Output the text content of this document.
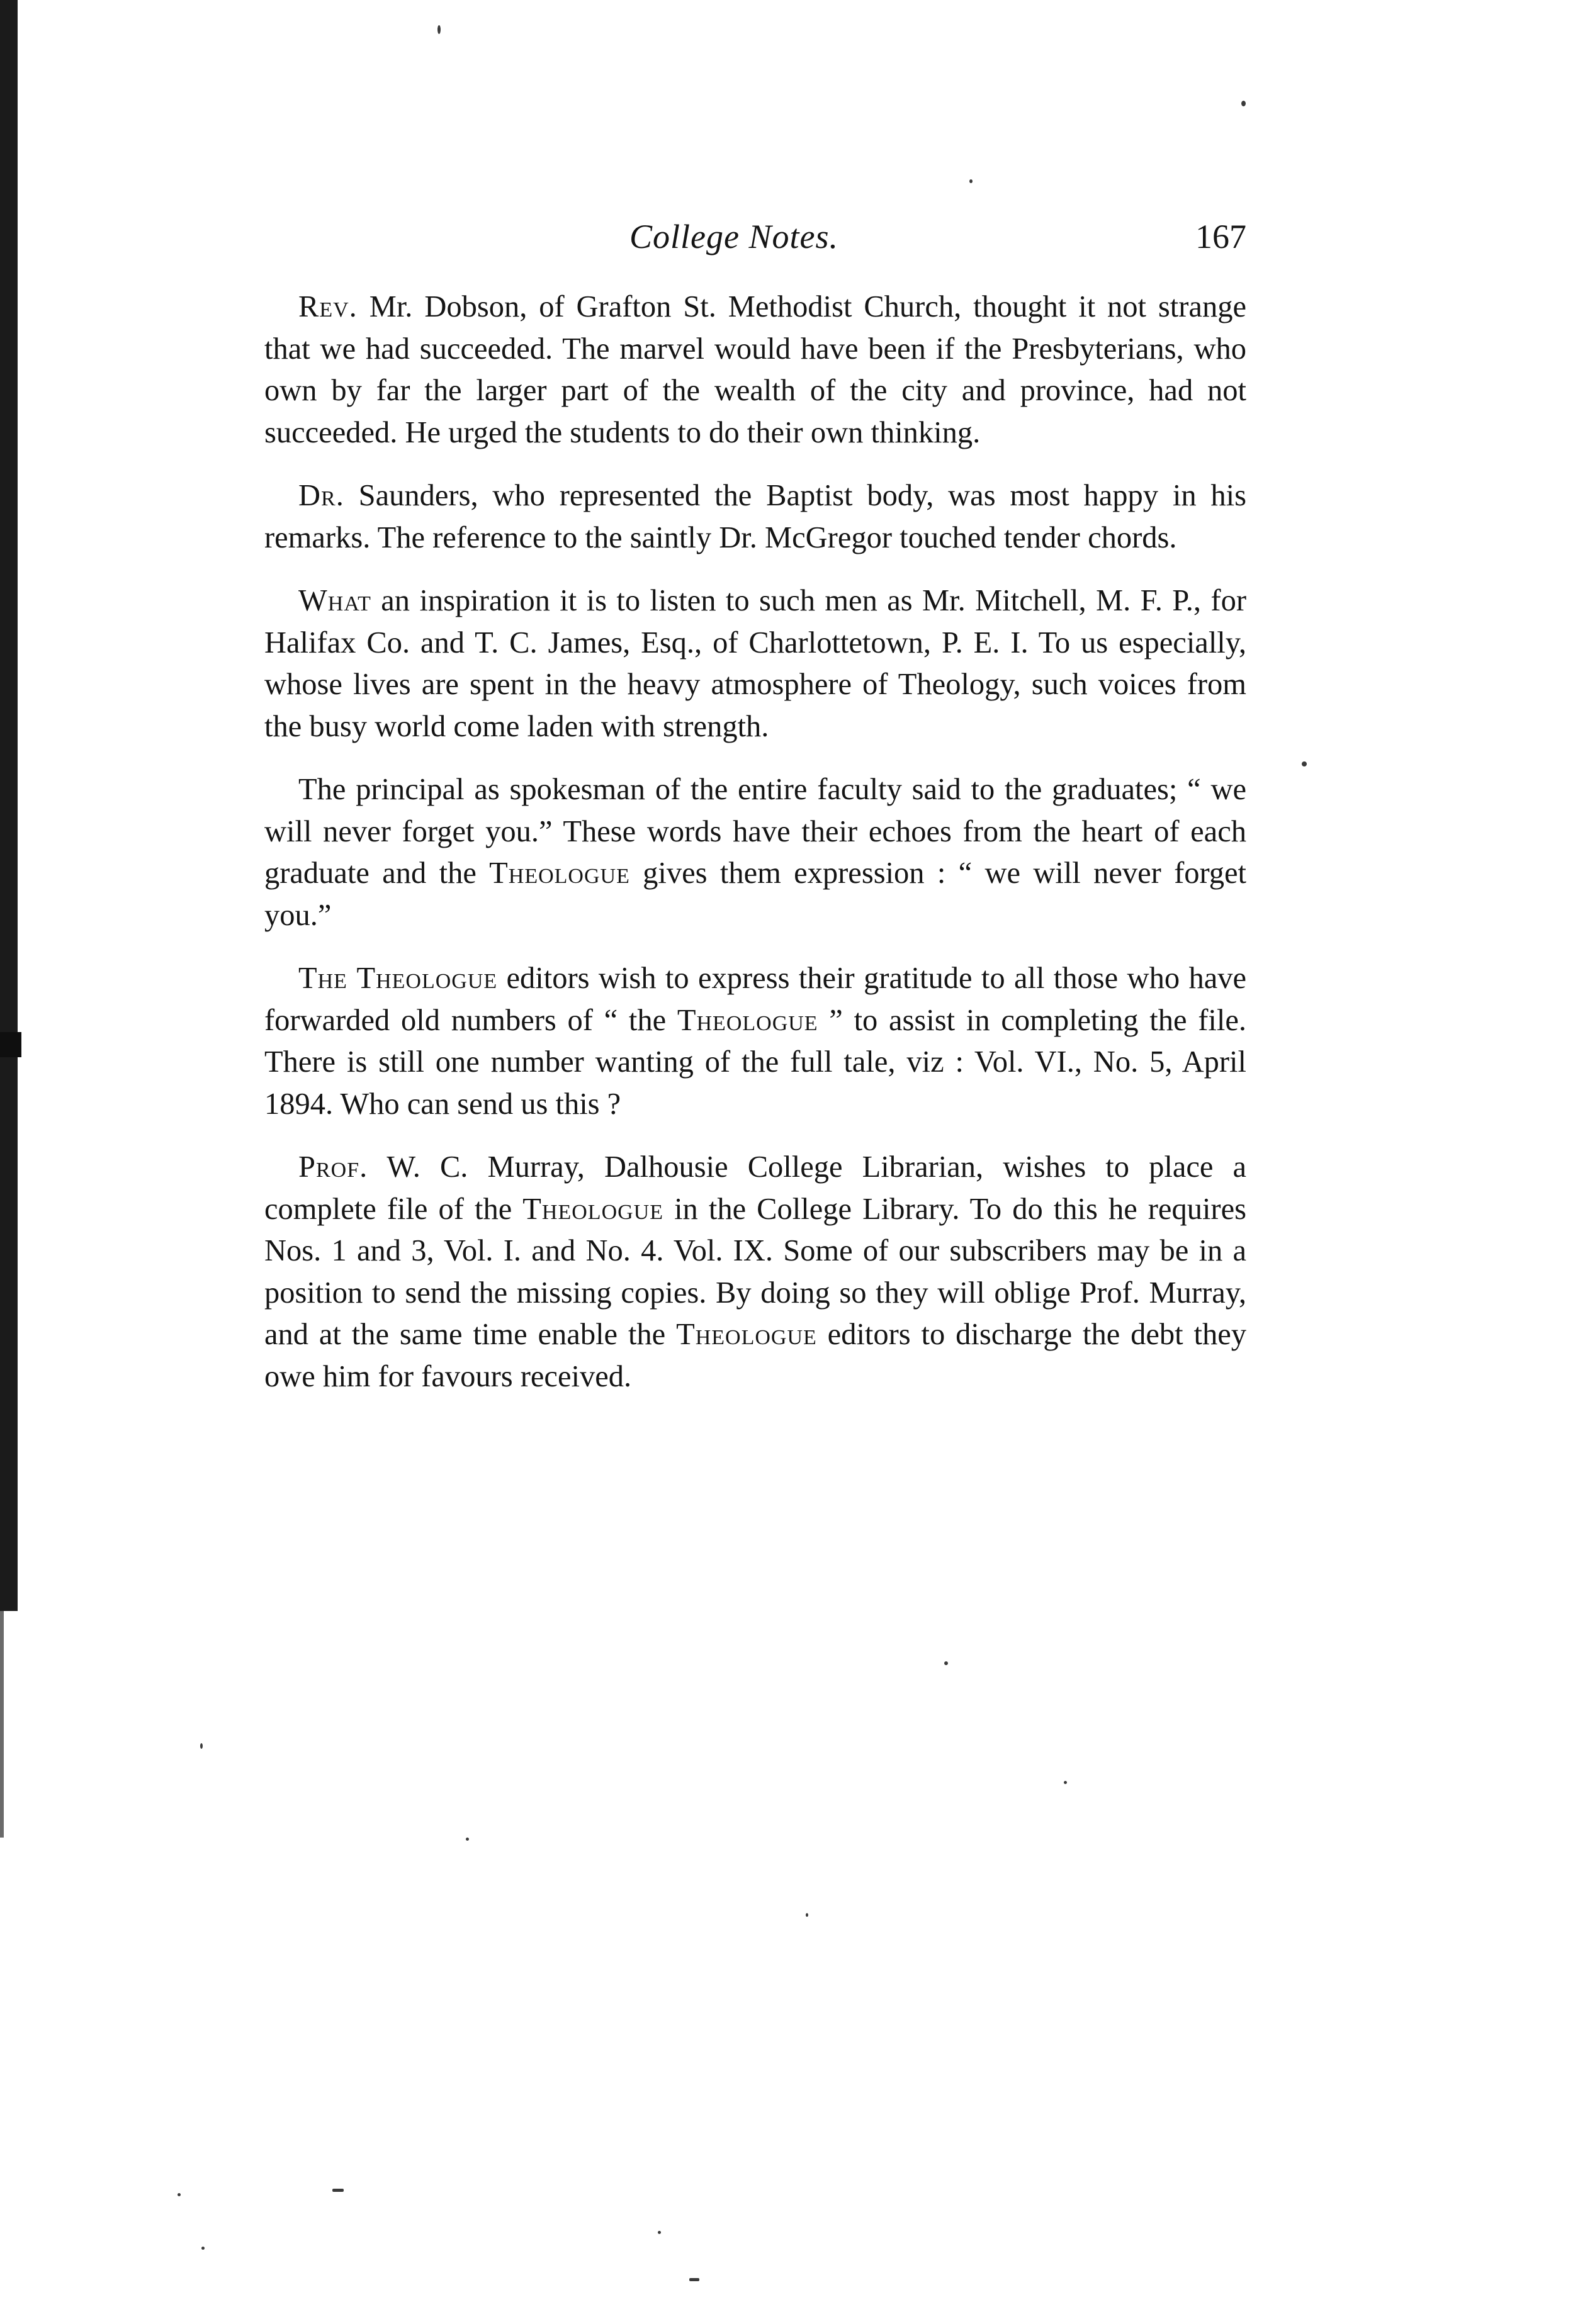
College Notes.	167

Rev. Mr. Dobson, of Grafton St. Methodist Church, thought it not strange that we had succeeded. The marvel would have been if the Presbyterians, who own by far the larger part of the wealth of the city and province, had not succeeded. He urged the students to do their own thinking.

Dr. Saunders, who represented the Baptist body, was most happy in his remarks. The reference to the saintly Dr. McGregor touched tender chords.

What an inspiration it is to listen to such men as Mr. Mitchell, M. F. P., for Halifax Co. and T. C. James, Esq., of Charlottetown, P. E. I. To us especially, whose lives are spent in the heavy atmosphere of Theology, such voices from the busy world come laden with strength.

The principal as spokesman of the entire faculty said to the graduates; “ we will never forget you.” These words have their echoes from the heart of each graduate and the Theologue gives them expression : “ we will never forget you.”

The Theologue editors wish to express their gratitude to all those who have forwarded old numbers of “ the Theologue ” to assist in completing the file. There is still one number wanting of the full tale, viz : Vol. VI., No. 5, April 1894. Who can send us this ?

Prof. W. C. Murray, Dalhousie College Librarian, wishes to place a complete file of the Theologue in the College Library. To do this he requires Nos. 1 and 3, Vol. I. and No. 4. Vol. IX. Some of our subscribers may be in a position to send the missing copies. By doing so they will oblige Prof. Murray, and at the same time enable the Theologue editors to discharge the debt they owe him for favours received.
